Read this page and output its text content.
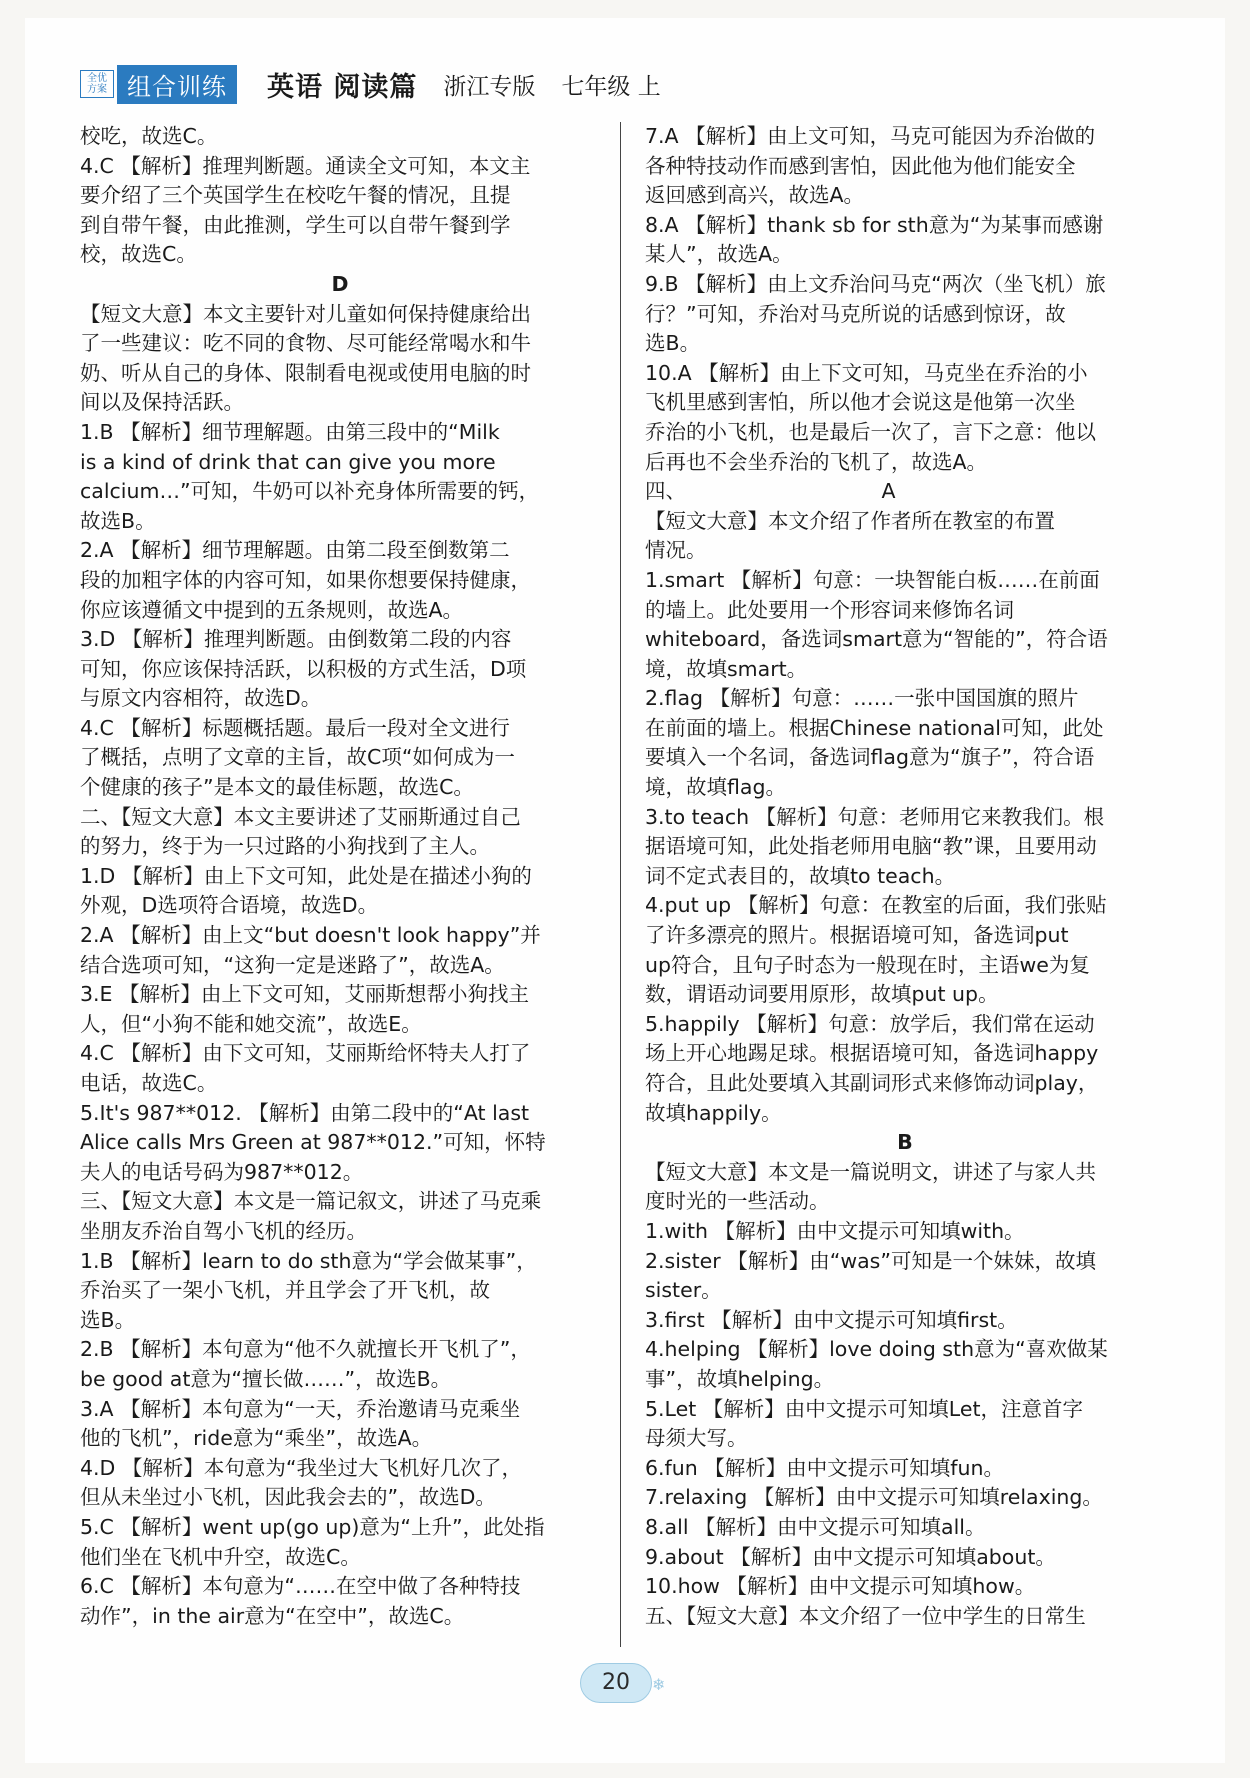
全优方案 组合训练	英语 阅读篇 浙江专版 七年级 上
校吃，故选C。
4.C 【解析】推理判断题。通读全文可知，本文主
要介绍了三个英国学生在校吃午餐的情况，且提
到自带午餐，由此推测，学生可以自带午餐到学
校，故选C。
D
【短文大意】本文主要针对儿童如何保持健康给出
了一些建议：吃不同的食物、尽可能经常喝水和牛
奶、听从自己的身体、限制看电视或使用电脑的时
间以及保持活跃。
1.B 【解析】细节理解题。由第三段中的“Milk
is a kind of drink that can give you more
calcium…”可知，牛奶可以补充身体所需要的钙，
故选B。
2.A 【解析】细节理解题。由第二段至倒数第二
段的加粗字体的内容可知，如果你想要保持健康，
你应该遵循文中提到的五条规则，故选A。
3.D 【解析】推理判断题。由倒数第二段的内容
可知，你应该保持活跃，以积极的方式生活，D项
与原文内容相符，故选D。
4.C 【解析】标题概括题。最后一段对全文进行
了概括，点明了文章的主旨，故C项“如何成为一
个健康的孩子”是本文的最佳标题，故选C。
二、【短文大意】本文主要讲述了艾丽斯通过自己
的努力，终于为一只过路的小狗找到了主人。
1.D 【解析】由上下文可知，此处是在描述小狗的
外观，D选项符合语境，故选D。
2.A 【解析】由上文“but doesn't look happy”并
结合选项可知，“这狗一定是迷路了”，故选A。
3.E 【解析】由上下文可知，艾丽斯想帮小狗找主
人，但“小狗不能和她交流”，故选E。
4.C 【解析】由下文可知，艾丽斯给怀特夫人打了
电话，故选C。
5.It's 987**012. 【解析】由第二段中的“At last
Alice calls Mrs Green at 987**012.”可知，怀特
夫人的电话号码为987**012。
三、【短文大意】本文是一篇记叙文，讲述了马克乘
坐朋友乔治自驾小飞机的经历。
1.B 【解析】learn to do sth意为“学会做某事”，
乔治买了一架小飞机，并且学会了开飞机，故
选B。
2.B 【解析】本句意为“他不久就擅长开飞机了”，
be good at意为“擅长做……”，故选B。
3.A 【解析】本句意为“一天，乔治邀请马克乘坐
他的飞机”，ride意为“乘坐”，故选A。
4.D 【解析】本句意为“我坐过大飞机好几次了，
但从未坐过小飞机，因此我会去的”，故选D。
5.C 【解析】went up(go up)意为“上升”，此处指
他们坐在飞机中升空，故选C。
6.C 【解析】本句意为“……在空中做了各种特技
动作”，in the air意为“在空中”，故选C。
7.A 【解析】由上文可知，马克可能因为乔治做的
各种特技动作而感到害怕，因此他为他们能安全
返回感到高兴，故选A。
8.A 【解析】thank sb for sth意为“为某事而感谢
某人”，故选A。
9.B 【解析】由上文乔治问马克“两次（坐飞机）旅
行？”可知，乔治对马克所说的话感到惊讶，故
选B。
10.A 【解析】由上下文可知，马克坐在乔治的小
飞机里感到害怕，所以他才会说这是他第一次坐
乔治的小飞机，也是最后一次了，言下之意：他以
后再也不会坐乔治的飞机了，故选A。
四、                              A
【短文大意】本文介绍了作者所在教室的布置
情况。
1.smart 【解析】句意：一块智能白板……在前面
的墙上。此处要用一个形容词来修饰名词
whiteboard，备选词smart意为“智能的”，符合语
境，故填smart。
2.flag 【解析】句意：……一张中国国旗的照片
在前面的墙上。根据Chinese national可知，此处
要填入一个名词，备选词flag意为“旗子”，符合语
境，故填flag。
3.to teach 【解析】句意：老师用它来教我们。根
据语境可知，此处指老师用电脑“教”课，且要用动
词不定式表目的，故填to teach。
4.put up 【解析】句意：在教室的后面，我们张贴
了许多漂亮的照片。根据语境可知，备选词put
up符合，且句子时态为一般现在时，主语we为复
数，谓语动词要用原形，故填put up。
5.happily 【解析】句意：放学后，我们常在运动
场上开心地踢足球。根据语境可知，备选词happy
符合，且此处要填入其副词形式来修饰动词play，
故填happily。
B
【短文大意】本文是一篇说明文，讲述了与家人共
度时光的一些活动。
1.with 【解析】由中文提示可知填with。
2.sister 【解析】由“was”可知是一个妹妹，故填
sister。
3.first 【解析】由中文提示可知填first。
4.helping 【解析】love doing sth意为“喜欢做某
事”，故填helping。
5.Let 【解析】由中文提示可知填Let，注意首字
母须大写。
6.fun 【解析】由中文提示可知填fun。
7.relaxing 【解析】由中文提示可知填relaxing。
8.all 【解析】由中文提示可知填all。
9.about 【解析】由中文提示可知填about。
10.how 【解析】由中文提示可知填how。
五、【短文大意】本文介绍了一位中学生的日常生
20	❄
